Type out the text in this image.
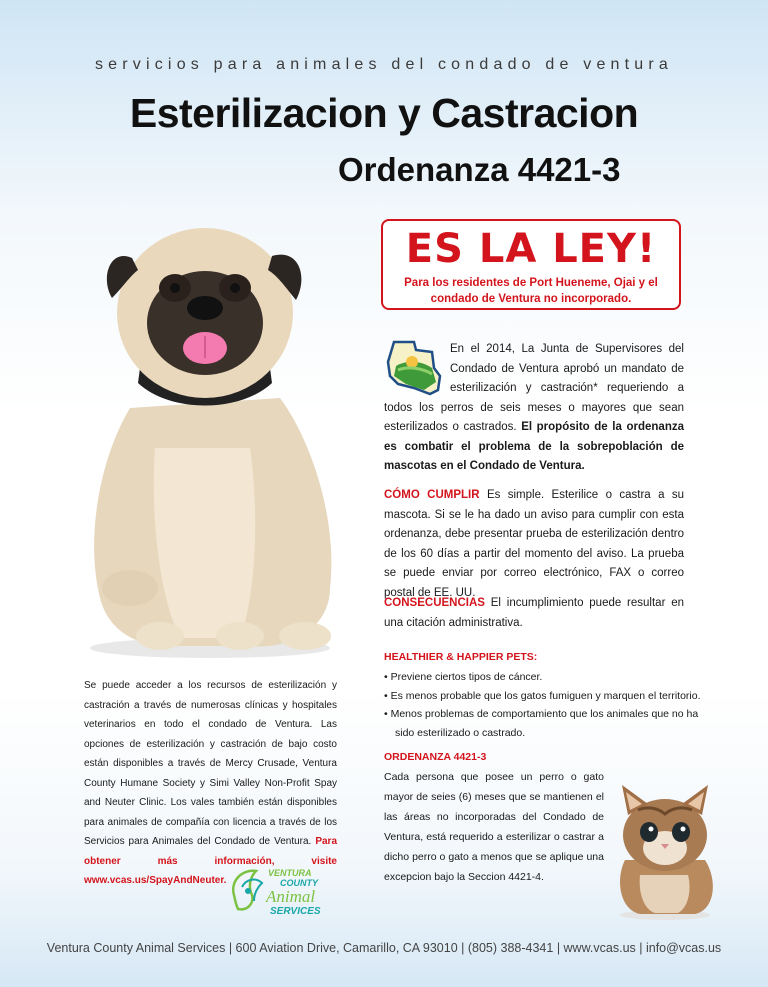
servicios para animales del condado de ventura
Esterilizacion y Castracion
Ordenanza 4421-3
ES LA LEY!
Para los residentes de Port Hueneme, Ojai y el condado de Ventura no incorporado.
En el 2014, La Junta de Supervisores del Condado de Ventura aprobó un mandato de esterilización y castración* requeriendo a todos los perros de seis meses o mayores que sean esterilizados o castrados. El propósito de la ordenanza es combatir el problema de la sobrepoblación de mascotas en el Condado de Ventura.
CÓMO CUMPLIR Es simple. Esterilice o castra a su mascota. Si se le ha dado un aviso para cumplir con esta ordenanza, debe presentar prueba de esterilización dentro de los 60 días a partir del momento del aviso. La prueba se puede enviar por correo electrónico, FAX o correo postal de EE. UU.
CONSECUENCIAS El incumplimiento puede resultar en una citación administrativa.
HEALTHIER & HAPPIER PETS:
• Previene ciertos tipos de cáncer.
• Es menos probable que los gatos fumiguen y marquen el territorio.
• Menos problemas de comportamiento que los animales que no ha sido esterilizado o castrado.
ORDENANZA 4421-3
Cada persona que posee un perro o gato mayor de seies (6) meses que se mantienen el las áreas no incorporadas del Condado de Ventura, está requerido a esterilizar o castrar a dicho perro o gato a menos que se aplique una excepcion bajo la Seccion 4421-4.
Se puede acceder a los recursos de esterilización y castración a través de numerosas clínicas y hospitales veterinarios en todo el condado de Ventura. Las opciones de esterilización y castración de bajo costo están disponibles a través de Mercy Crusade, Ventura County Humane Society y Simi Valley Non-Profit Spay and Neuter Clinic. Los vales también están disponibles para animales de compañía con licencia a través de los Servicios para Animales del Condado de Ventura. Para obtener más información, visite www.vcas.us/SpayAndNeuter.
VENTURA
COUNTY
Animal
SERVICES
Ventura County Animal Services | 600 Aviation Drive, Camarillo, CA 93010 | (805) 388-4341 | www.vcas.us | info@vcas.us
